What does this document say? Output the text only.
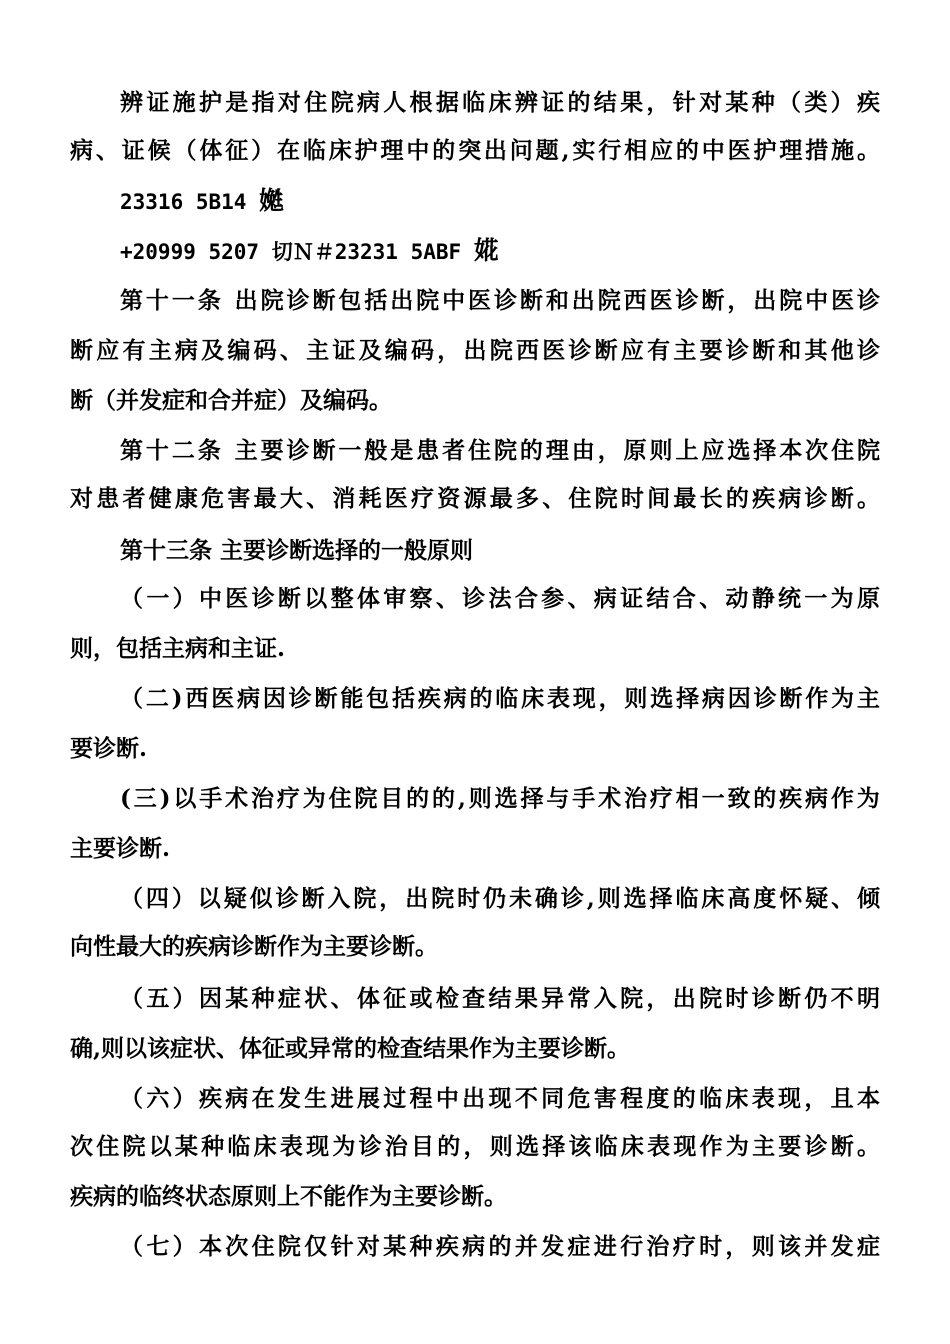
辨证施护是指对住院病人根据临床辨证的结果，针对某种（类）疾
病、证候（体征）在临床护理中的突出问题,实行相应的中医护理措施。
23316 5B14 嬔
+20999 5207 切Ｎ＃23231 5ABF 婲
第十一条 出院诊断包括出院中医诊断和出院西医诊断，出院中医诊
断应有主病及编码、主证及编码，出院西医诊断应有主要诊断和其他诊
断（并发症和合并症）及编码。
第十二条 主要诊断一般是患者住院的理由，原则上应选择本次住院
对患者健康危害最大、消耗医疗资源最多、住院时间最长的疾病诊断。
第十三条 主要诊断选择的一般原则
（一）中医诊断以整体审察、诊法合参、病证结合、动静统一为原
则，包括主病和主证.
（二)西医病因诊断能包括疾病的临床表现，则选择病因诊断作为主
要诊断.
(三)以手术治疗为住院目的的,则选择与手术治疗相一致的疾病作为
主要诊断.
（四）以疑似诊断入院，出院时仍未确诊,则选择临床高度怀疑、倾
向性最大的疾病诊断作为主要诊断。
（五）因某种症状、体征或检查结果异常入院，出院时诊断仍不明
确,则以该症状、体征或异常的检查结果作为主要诊断。
（六）疾病在发生进展过程中出现不同危害程度的临床表现，且本
次住院以某种临床表现为诊治目的，则选择该临床表现作为主要诊断。
疾病的临终状态原则上不能作为主要诊断。
（七）本次住院仅针对某种疾病的并发症进行治疗时，则该并发症
